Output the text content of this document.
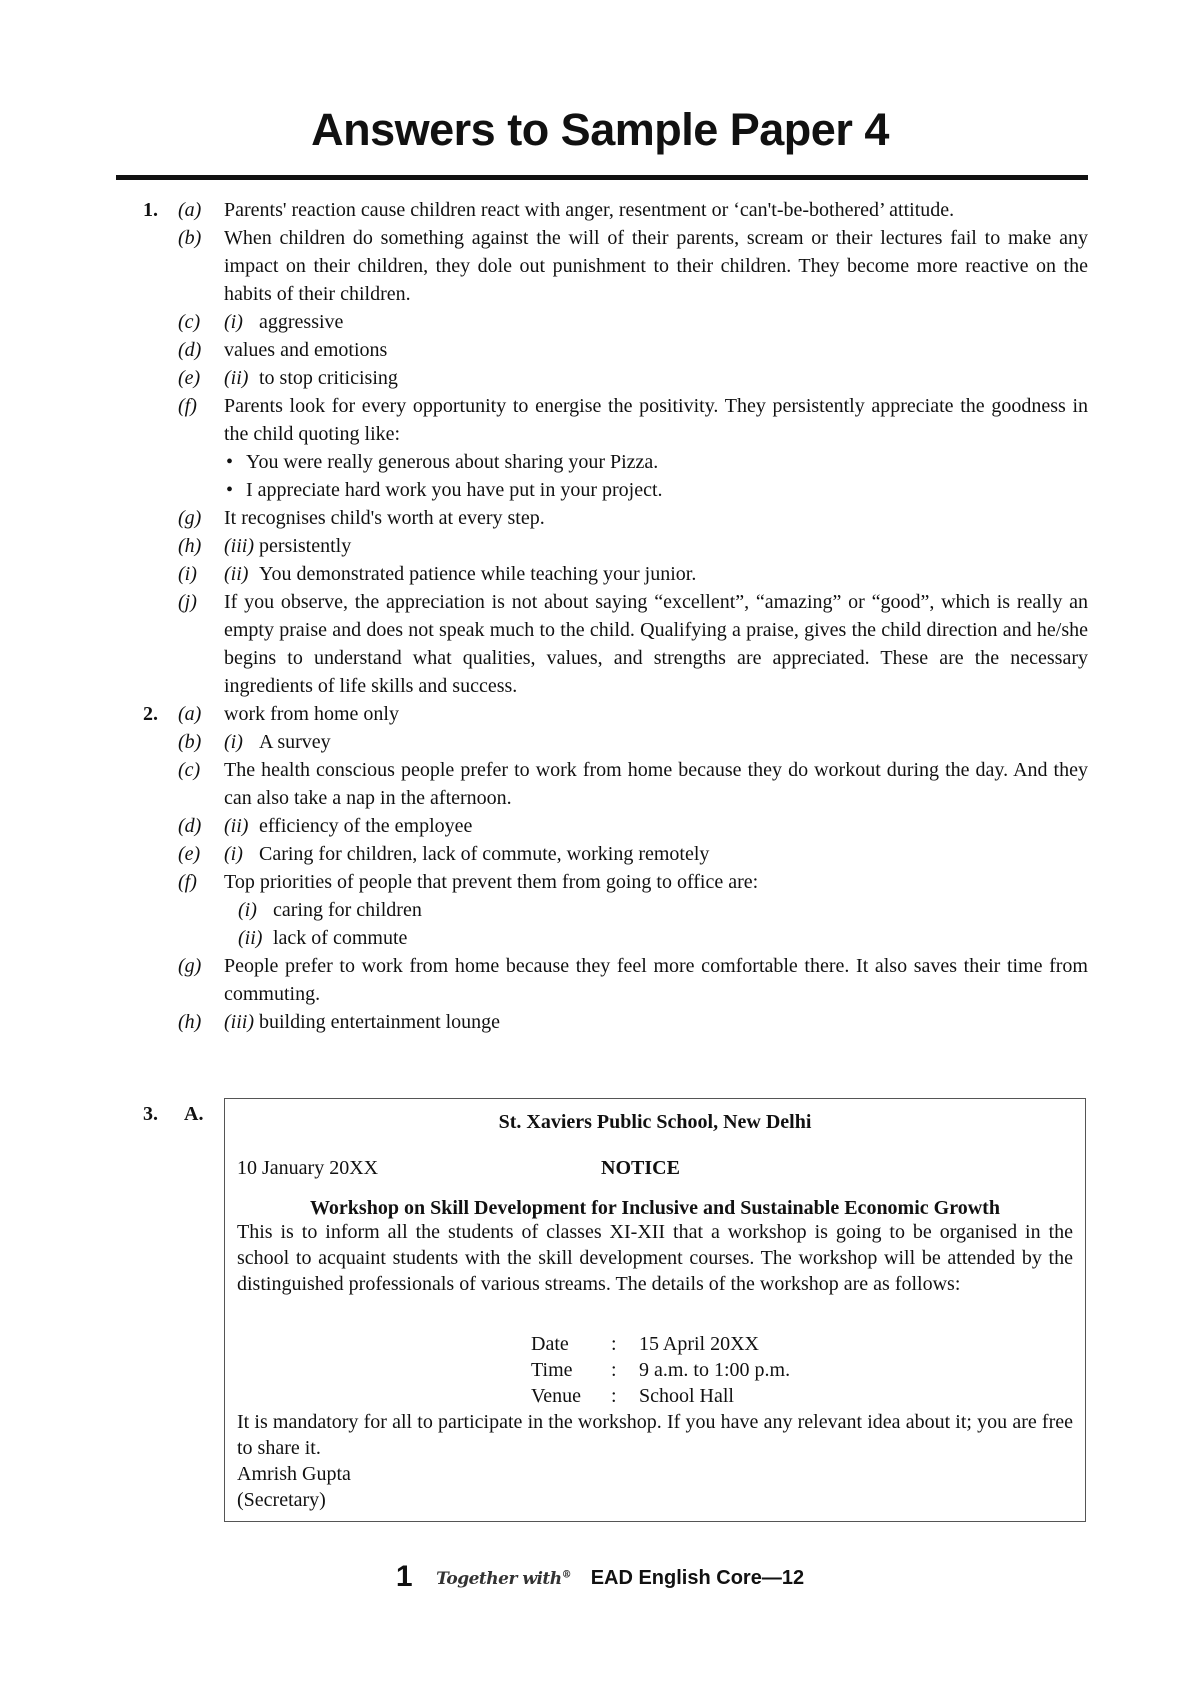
Answers to Sample Paper 4
1. (a) Parents' reaction cause children react with anger, resentment or ‘can't-be-bothered’ attitude.
(b) When children do something against the will of their parents, scream or their lectures fail to make any impact on their children, they dole out punishment to their children. They become more reactive on the habits of their children.
(c) (i) aggressive
(d) values and emotions
(e) (ii) to stop criticising
(f) Parents look for every opportunity to energise the positivity. They persistently appreciate the goodness in the child quoting like:
• You were really generous about sharing your Pizza.
• I appreciate hard work you have put in your project.
(g) It recognises child's worth at every step.
(h) (iii) persistently
(i) (ii) You demonstrated patience while teaching your junior.
(j) If you observe, the appreciation is not about saying “excellent”, “amazing” or “good”, which is really an empty praise and does not speak much to the child. Qualifying a praise, gives the child direction and he/she begins to understand what qualities, values, and strengths are appreciated. These are the necessary ingredients of life skills and success.
2. (a) work from home only
(b) (i) A survey
(c) The health conscious people prefer to work from home because they do workout during the day. And they can also take a nap in the afternoon.
(d) (ii) efficiency of the employee
(e) (i) Caring for children, lack of commute, working remotely
(f) Top priorities of people that prevent them from going to office are:
(i) caring for children
(ii) lack of commute
(g) People prefer to work from home because they feel more comfortable there. It also saves their time from commuting.
(h) (iii) building entertainment lounge
3. A.	St. Xaviers Public School, New Delhi
10 January 20XX	NOTICE
Workshop on Skill Development for Inclusive and Sustainable Economic Growth
This is to inform all the students of classes XI-XII that a workshop is going to be organised in the school to acquaint students with the skill development courses. The workshop will be attended by the distinguished professionals of various streams. The details of the workshop are as follows:
Date : 15 April 20XX
Time : 9 a.m. to 1:00 p.m.
Venue : School Hall
It is mandatory for all to participate in the workshop. If you have any relevant idea about it; you are free to share it.
Amrish Gupta
(Secretary)
1 Together with® EAD English Core—12
